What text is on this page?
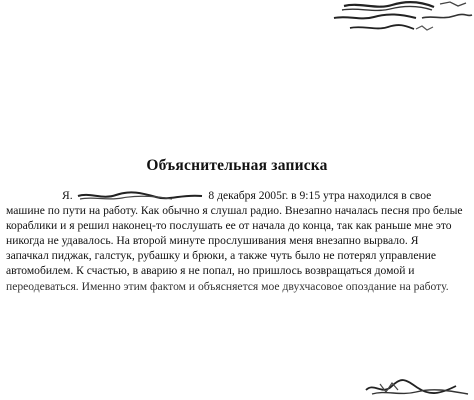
Объяснительная записка
Я.	8 декабря 2005г. в 9:15 утра находился в свое
машине по пути на работу. Как обычно я слушал радио. Внезапно началась песня про белые
кораблики и я решил наконец-то послушать ее от начала до конца, так как раньше мне это
никогда не удавалось. На второй минуте прослушивания меня внезапно вырвало. Я
запачкал пиджак, галстук, рубашку и брюки, а также чуть было не потерял управление
автомобилем. К счастью, в аварию я не попал, но пришлось возвращаться домой и
переодеваться. Именно этим фактом и объясняется мое двухчасовое опоздание на работу.
